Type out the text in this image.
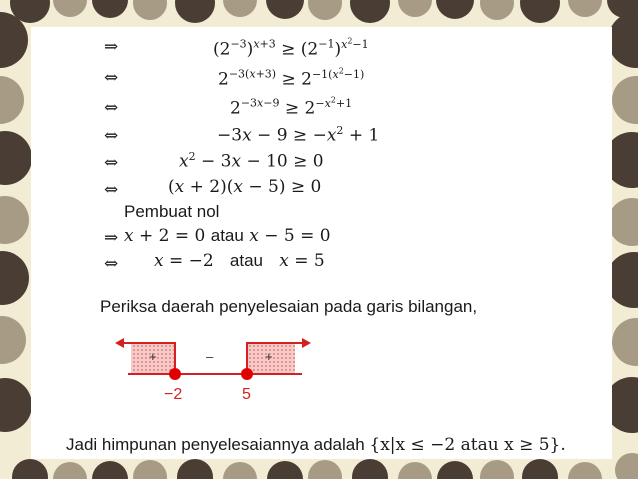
⇒	$(2^{-3})^{x+3} \ge (2^{-1})^{x^2-1}$
⇔	$2^{-3(x+3)} \ge 2^{-1(x^2-1)}$
⇔	$2^{-3x-9} \ge 2^{-x^2+1}$
⇔	$-3x - 9 \ge -x^2 + 1$
⇔	$x^2 - 3x - 10 \ge 0$
⇔	(x + 2)(x − 5) ≥ 0
Pembuat nol
⇒ x + 2 = 0 atau x − 5 = 0
⇔ x = −2   atau x = 5
Periksa daerah penyelesaian pada garis bilangan,
+	–	+
−2	5
Jadi himpunan penyelesaiannya adalah {x|x ≤ −2 atau x ≥ 5}.
